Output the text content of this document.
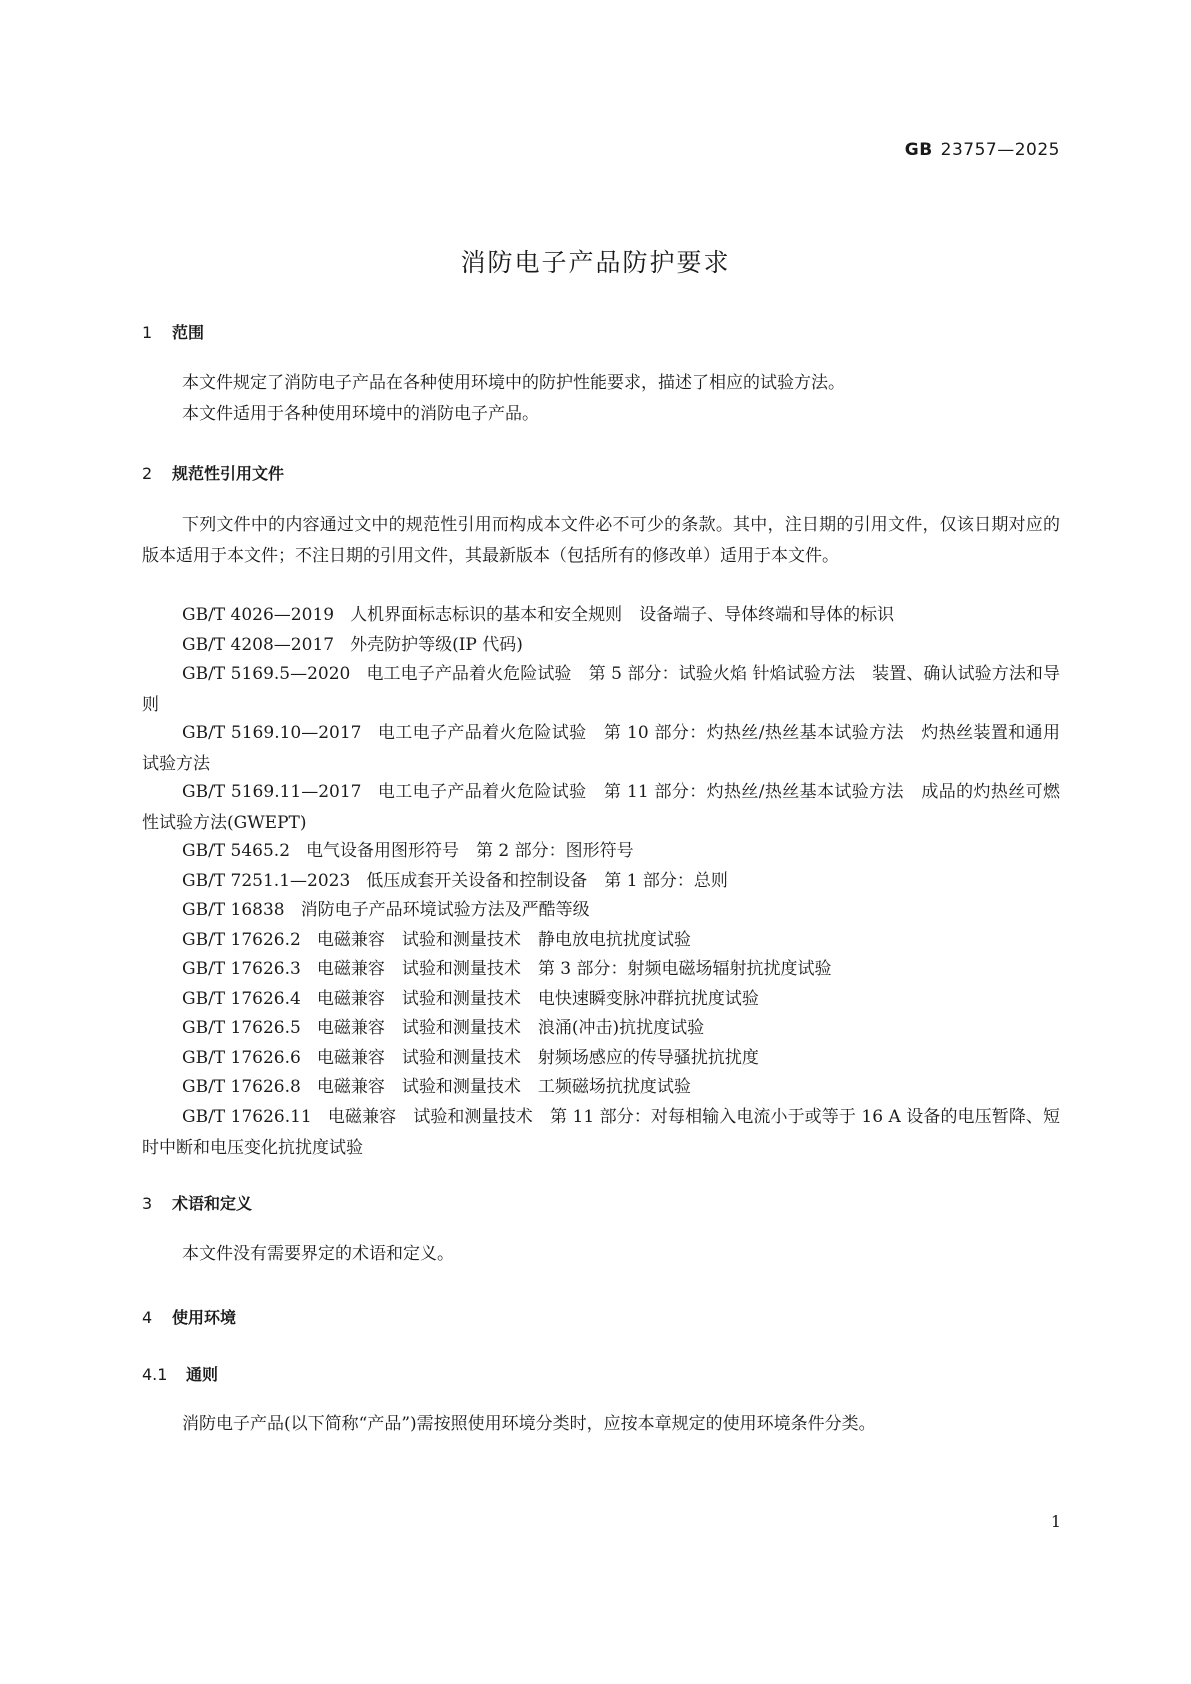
GB 23757—2025
消防电子产品防护要求
1 范围
本文件规定了消防电子产品在各种使用环境中的防护性能要求，描述了相应的试验方法。
本文件适用于各种使用环境中的消防电子产品。
2 规范性引用文件
下列文件中的内容通过文中的规范性引用而构成本文件必不可少的条款。其中，注日期的引用文件，仅该日期对应的版本适用于本文件；不注日期的引用文件，其最新版本（包括所有的修改单）适用于本文件。
GB/T 4026—2019 人机界面标志标识的基本和安全规则　设备端子、导体终端和导体的标识
GB/T 4208—2017 外壳防护等级(IP 代码)
GB/T 5169.5—2020 电工电子产品着火危险试验　第 5 部分：试验火焰 针焰试验方法　装置、确认试验方法和导则
GB/T 5169.10—2017 电工电子产品着火危险试验　第 10 部分：灼热丝/热丝基本试验方法　灼热丝装置和通用试验方法
GB/T 5169.11—2017 电工电子产品着火危险试验　第 11 部分：灼热丝/热丝基本试验方法　成品的灼热丝可燃性试验方法(GWEPT)
GB/T 5465.2 电气设备用图形符号　第 2 部分：图形符号
GB/T 7251.1—2023 低压成套开关设备和控制设备　第 1 部分：总则
GB/T 16838 消防电子产品环境试验方法及严酷等级
GB/T 17626.2 电磁兼容　试验和测量技术　静电放电抗扰度试验
GB/T 17626.3 电磁兼容　试验和测量技术　第 3 部分：射频电磁场辐射抗扰度试验
GB/T 17626.4 电磁兼容　试验和测量技术　电快速瞬变脉冲群抗扰度试验
GB/T 17626.5 电磁兼容　试验和测量技术　浪涌(冲击)抗扰度试验
GB/T 17626.6 电磁兼容　试验和测量技术　射频场感应的传导骚扰抗扰度
GB/T 17626.8 电磁兼容　试验和测量技术　工频磁场抗扰度试验
GB/T 17626.11 电磁兼容　试验和测量技术　第 11 部分：对每相输入电流小于或等于 16 A 设备的电压暂降、短时中断和电压变化抗扰度试验
3 术语和定义
本文件没有需要界定的术语和定义。
4 使用环境
4.1 通则
消防电子产品(以下简称“产品”)需按照使用环境分类时，应按本章规定的使用环境条件分类。
1
